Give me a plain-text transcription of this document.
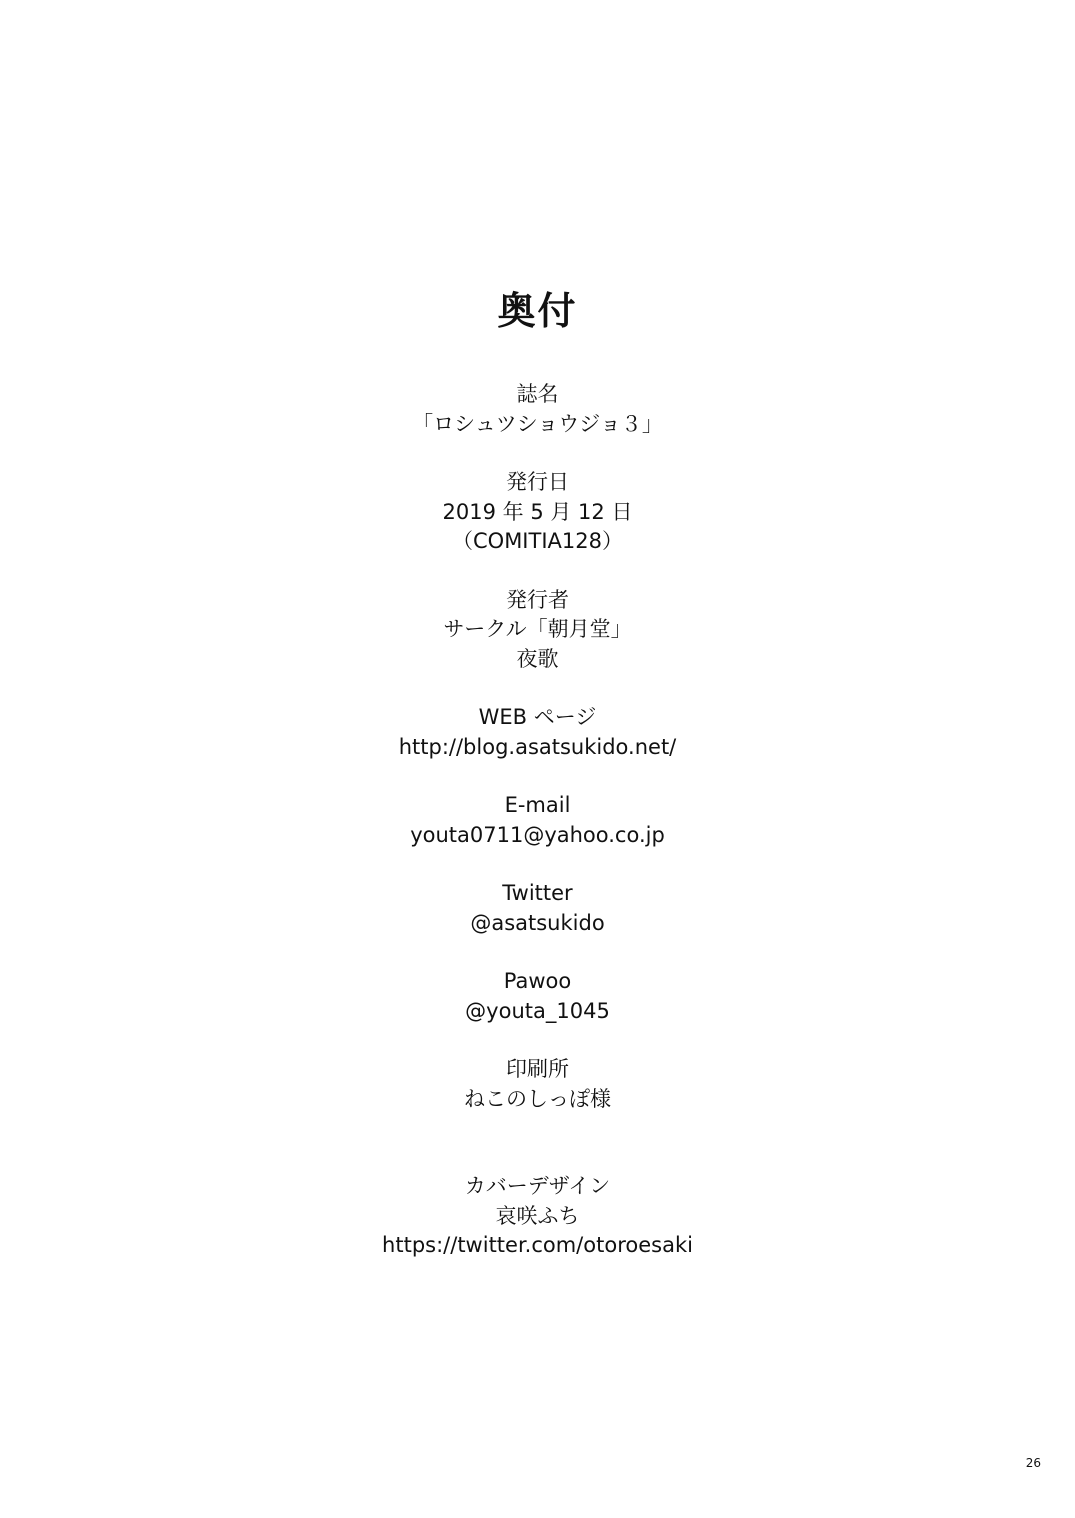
奥付
誌名
「ロシュツショウジョ３」
発行日
2019 年 5 月 12 日
（COMITIA128）
発行者
サークル「朝月堂」
夜歌
WEB ページ
http://blog.asatsukido.net/
E-mail
youta0711@yahoo.co.jp
Twitter
@asatsukido
Pawoo
@youta_1045
印刷所
ねこのしっぽ様
カバーデザイン
哀咲ふち
https://twitter.com/otoroesaki
26
